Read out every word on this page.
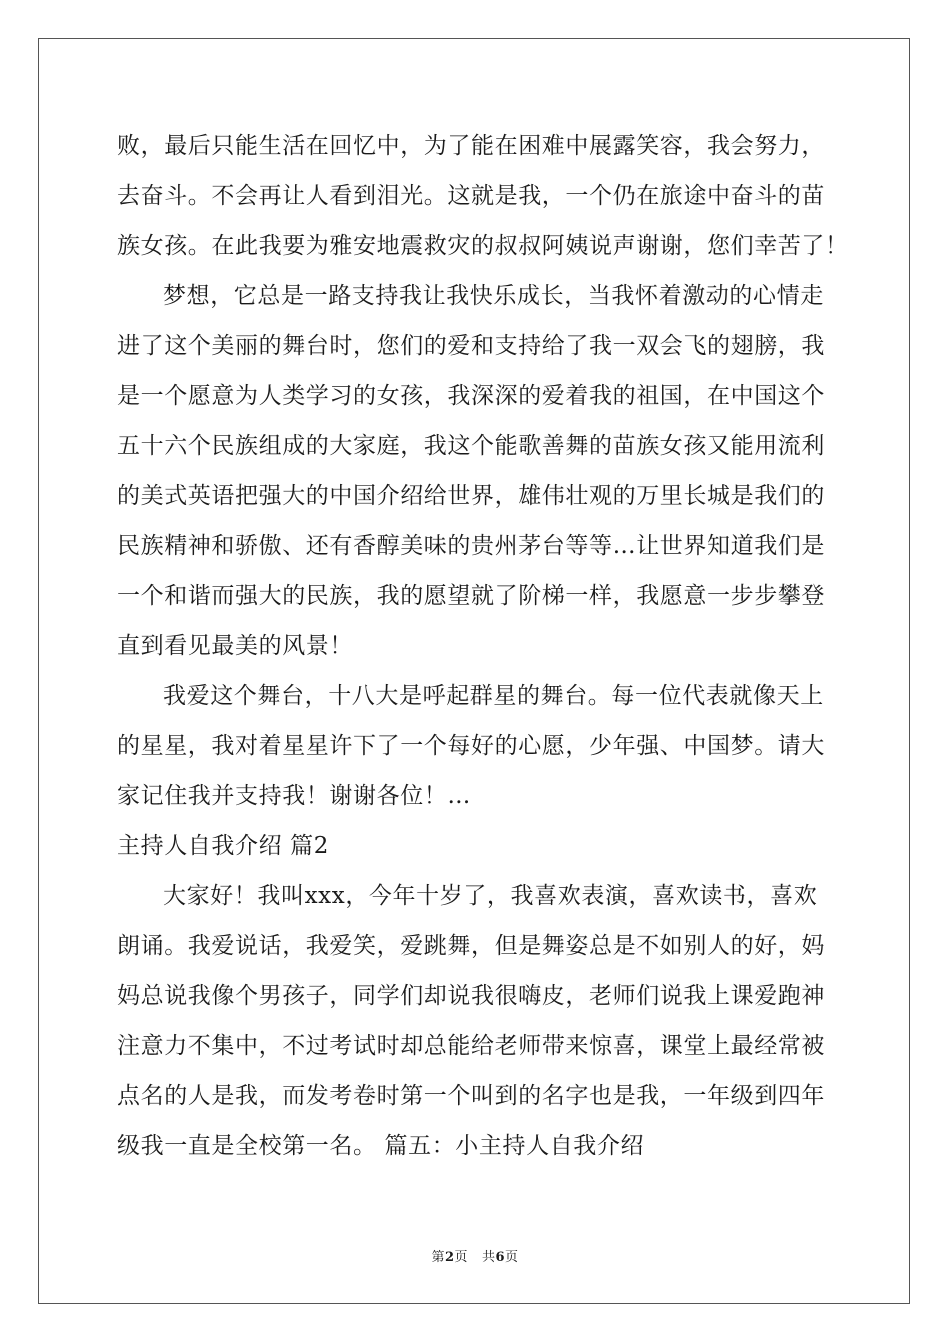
败，最后只能生活在回忆中，为了能在困难中展露笑容，我会努力，
去奋斗。不会再让人看到泪光。这就是我，一个仍在旅途中奋斗的苗
族女孩。在此我要为雅安地震救灾的叔叔阿姨说声谢谢，您们幸苦了！
梦想，它总是一路支持我让我快乐成长，当我怀着激动的心情走
进了这个美丽的舞台时，您们的爱和支持给了我一双会飞的翅膀，我
是一个愿意为人类学习的女孩，我深深的爱着我的祖国，在中国这个
五十六个民族组成的大家庭，我这个能歌善舞的苗族女孩又能用流利
的美式英语把强大的中国介绍给世界，雄伟壮观的万里长城是我们的
民族精神和骄傲、还有香醇美味的贵州茅台等等…让世界知道我们是
一个和谐而强大的民族，我的愿望就了阶梯一样，我愿意一步步攀登
直到看见最美的风景！
我爱这个舞台，十八大是呼起群星的舞台。每一位代表就像天上
的星星，我对着星星许下了一个每好的心愿，少年强、中国梦。请大
家记住我并支持我！谢谢各位！…
主持人自我介绍 篇2
大家好！我叫xxx，今年十岁了，我喜欢表演，喜欢读书，喜欢
朗诵。我爱说话，我爱笑，爱跳舞，但是舞姿总是不如别人的好，妈
妈总说我像个男孩子，同学们却说我很嗨皮，老师们说我上课爱跑神
注意力不集中，不过考试时却总能给老师带来惊喜，课堂上最经常被
点名的人是我，而发考卷时第一个叫到的名字也是我，一年级到四年
级我一直是全校第一名。 篇五：小主持人自我介绍
第2页 共6页
